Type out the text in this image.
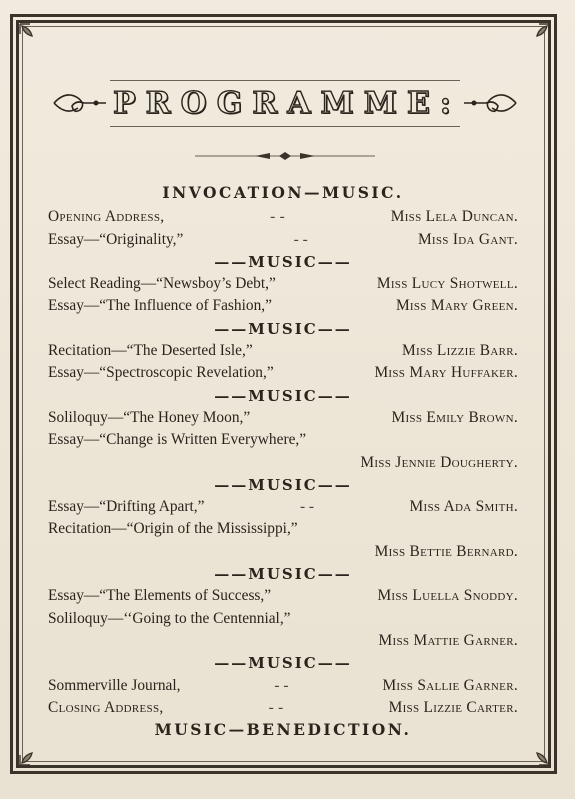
PROGRAMME:
INVOCATION—MUSIC.
Opening Address,	- -	Miss Lela Duncan.
Essay—“Originality,”	- -	Miss Ida Gant.
——MUSIC——
Select Reading—“Newsboy’s Debt,”	Miss Lucy Shotwell.
Essay—“The Influence of Fashion,”	Miss Mary Green.
——MUSIC——
Recitation—“The Deserted Isle,”	Miss Lizzie Barr.
Essay—“Spectroscopic Revelation,”	Miss Mary Huffaker.
——MUSIC——
Soliloquy—“The Honey Moon,”	Miss Emily Brown.
Essay—“Change is Written Everywhere,”
Miss Jennie Dougherty.
——MUSIC——
Essay—“Drifting Apart,”	- -	Miss Ada Smith.
Recitation—“Origin of the Mississippi,”
Miss Bettie Bernard.
——MUSIC——
Essay—“The Elements of Success,”	Miss Luella Snoddy.
Soliloquy—‘‘Going to the Centennial,”
Miss Mattie Garner.
——MUSIC——
Sommerville Journal,	- -	Miss Sallie Garner.
Closing Address,	- -	Miss Lizzie Carter.
MUSIC—BENEDICTION.
